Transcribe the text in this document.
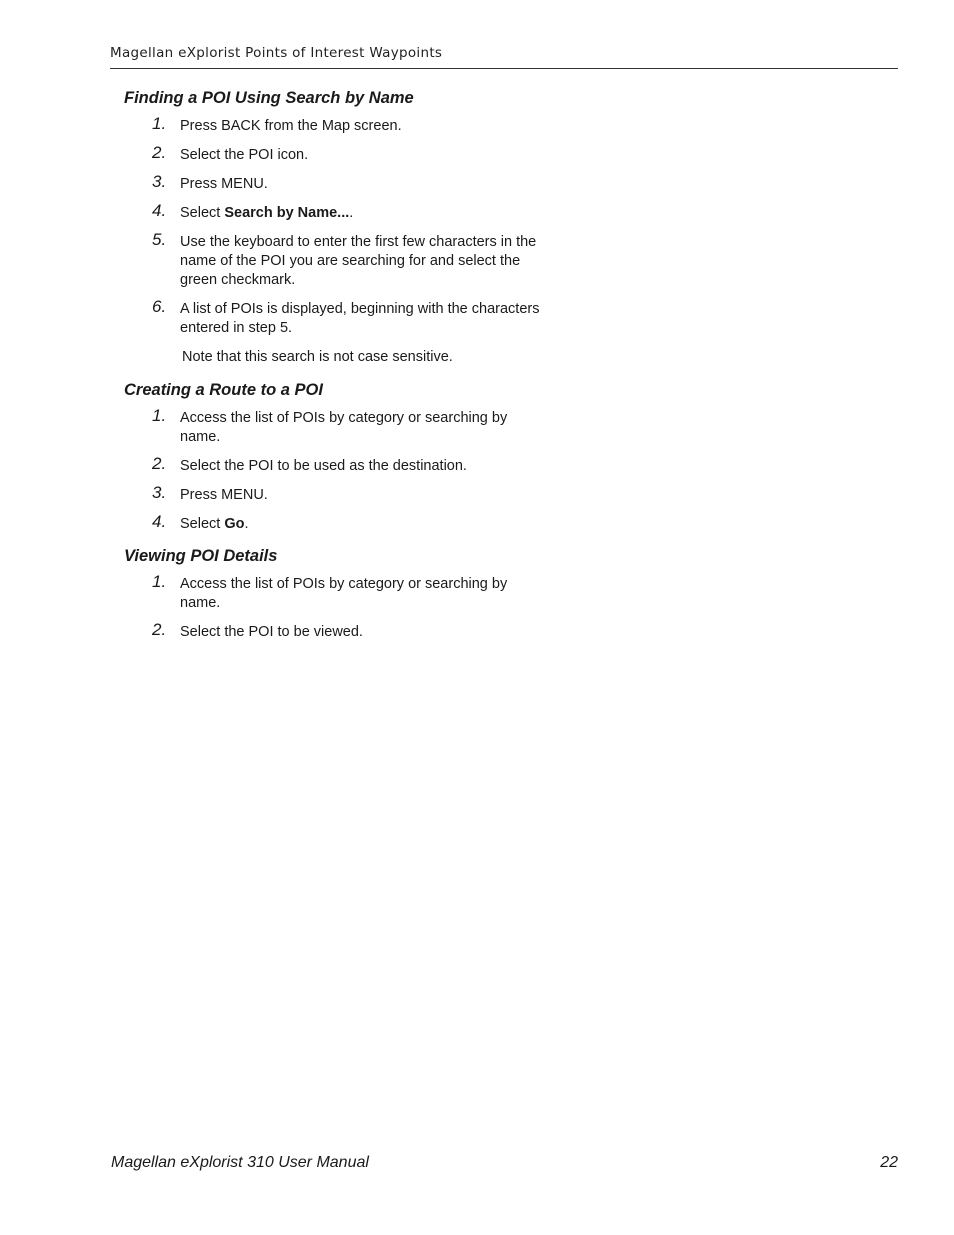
Magellan eXplorist Points of Interest Waypoints
Finding a POI Using Search by Name
1. Press BACK from the Map screen.
2. Select the POI icon.
3. Press MENU.
4. Select Search by Name....
5. Use the keyboard to enter the first few characters in the name of the POI you are searching for and select the green checkmark.
6. A list of POIs is displayed, beginning with the characters entered in step 5.

Note that this search is not case sensitive.

Creating a Route to a POI
1. Access the list of POIs by category or searching by name.
2. Select the POI to be used as the destination.
3. Press MENU.
4. Select Go.
Viewing POI Details
1. Access the list of POIs by category or searching by name.
2. Select the POI to be viewed.
Magellan eXplorist 310 User Manual	22
